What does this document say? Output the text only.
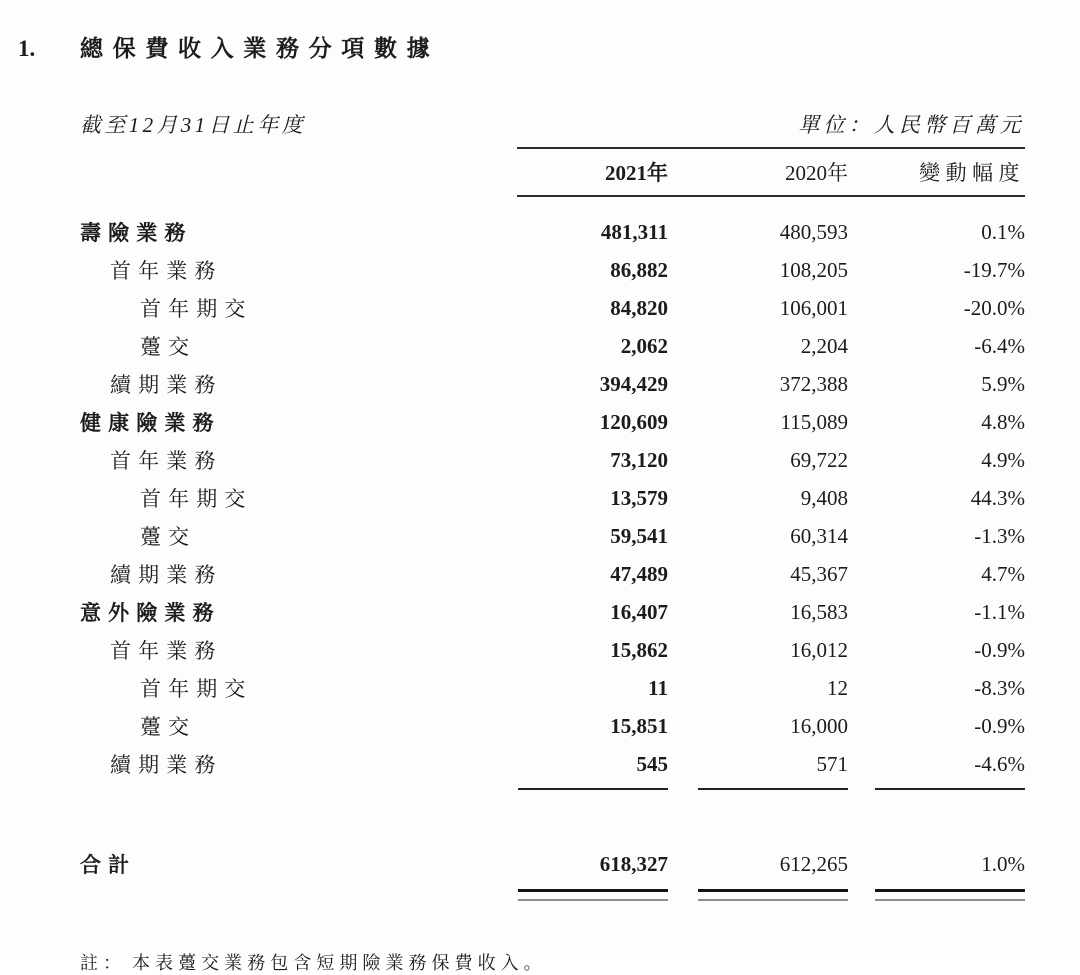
1.	總保費收入業務分項數據
截至12月31日止年度	單位：人民幣百萬元
	2021年	2020年	變動幅度
壽險業務	481,311	480,593	0.1%
首年業務	86,882	108,205	-19.7%
首年期交	84,820	106,001	-20.0%
躉交	2,062	2,204	-6.4%
續期業務	394,429	372,388	5.9%
健康險業務	120,609	115,089	4.8%
首年業務	73,120	69,722	4.9%
首年期交	13,579	9,408	44.3%
躉交	59,541	60,314	-1.3%
續期業務	47,489	45,367	4.7%
意外險業務	16,407	16,583	-1.1%
首年業務	15,862	16,012	-0.9%
首年期交	11	12	-8.3%
躉交	15,851	16,000	-0.9%
續期業務	545	571	-4.6%

合計	618,327	612,265	1.0%

註： 本表躉交業務包含短期險業務保費收入。
